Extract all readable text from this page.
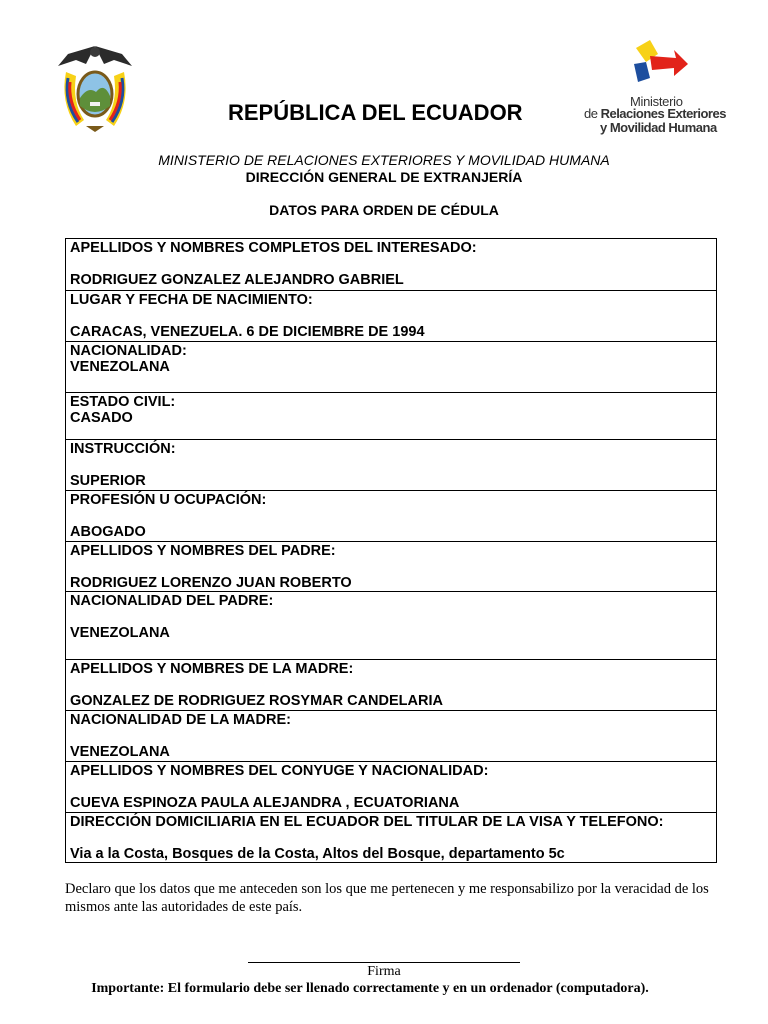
Ministerio
de Relaciones Exteriores
y Movilidad Humana
REPÚBLICA DEL ECUADOR
MINISTERIO DE RELACIONES EXTERIORES Y MOVILIDAD HUMANA
DIRECCIÓN GENERAL DE EXTRANJERÍA
DATOS PARA ORDEN DE CÉDULA
APELLIDOS Y NOMBRES COMPLETOS DEL INTERESADO:
RODRIGUEZ GONZALEZ ALEJANDRO GABRIEL
LUGAR Y FECHA DE NACIMIENTO:
CARACAS, VENEZUELA. 6 DE DICIEMBRE DE 1994
NACIONALIDAD:
VENEZOLANA
ESTADO CIVIL:
CASADO
INSTRUCCIÓN:
SUPERIOR
PROFESIÓN U OCUPACIÓN:
ABOGADO
APELLIDOS Y NOMBRES DEL PADRE:
RODRIGUEZ LORENZO JUAN ROBERTO
NACIONALIDAD DEL PADRE:
VENEZOLANA
APELLIDOS Y NOMBRES DE LA MADRE:
GONZALEZ DE RODRIGUEZ ROSYMAR CANDELARIA
NACIONALIDAD DE LA MADRE:
VENEZOLANA
APELLIDOS Y NOMBRES DEL CONYUGE Y NACIONALIDAD:
CUEVA ESPINOZA PAULA ALEJANDRA , ECUATORIANA
DIRECCIÓN DOMICILIARIA EN EL ECUADOR DEL TITULAR DE LA VISA Y TELEFONO:
Via a la Costa, Bosques de la Costa, Altos del Bosque, departamento 5c
Declaro que los datos que me anteceden son los que me pertenecen y me responsabilizo por la veracidad de los mismos ante las autoridades de este país.
Firma
Importante: El formulario debe ser llenado correctamente y en un ordenador (computadora).
